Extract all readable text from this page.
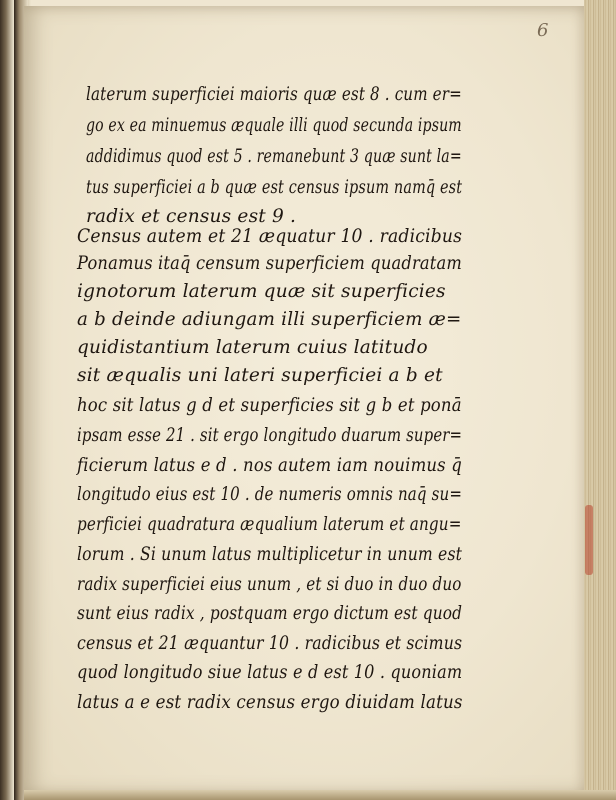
6
laterum superficiei maioris quæ est 8 . cum er=
go ex ea minuemus æquale illi quod secunda ipsum
addidimus quod est 5 . remanebunt 3 quæ sunt la=
tus superficiei a b quæ est census ipsum namq̄ est
radix et census est 9 .
Census autem et 21 æquatur 10 . radicibus
Ponamus itaq̄ censum superficiem quadratam
ignotorum laterum quæ sit superficies
a b deinde adiungam illi superficiem æ=
quidistantium laterum cuius latitudo
sit æqualis uni lateri superficiei a b et
hoc sit latus g d et superficies sit g b et ponā
ipsam esse 21 . sit ergo longitudo duarum super=
ficierum latus e d . nos autem iam nouimus q̄
longitudo eius est 10 . de numeris omnis naq̄ su=
perficiei quadratura æqualium laterum et angu=
lorum . Si unum latus multiplicetur in unum est
radix superficiei eius unum , et si duo in duo duo
sunt eius radix , postquam ergo dictum est quod
census et 21 æquantur 10 . radicibus et scimus
quod longitudo siue latus e d est 10 . quoniam
latus a e est radix census ergo diuidam latus
